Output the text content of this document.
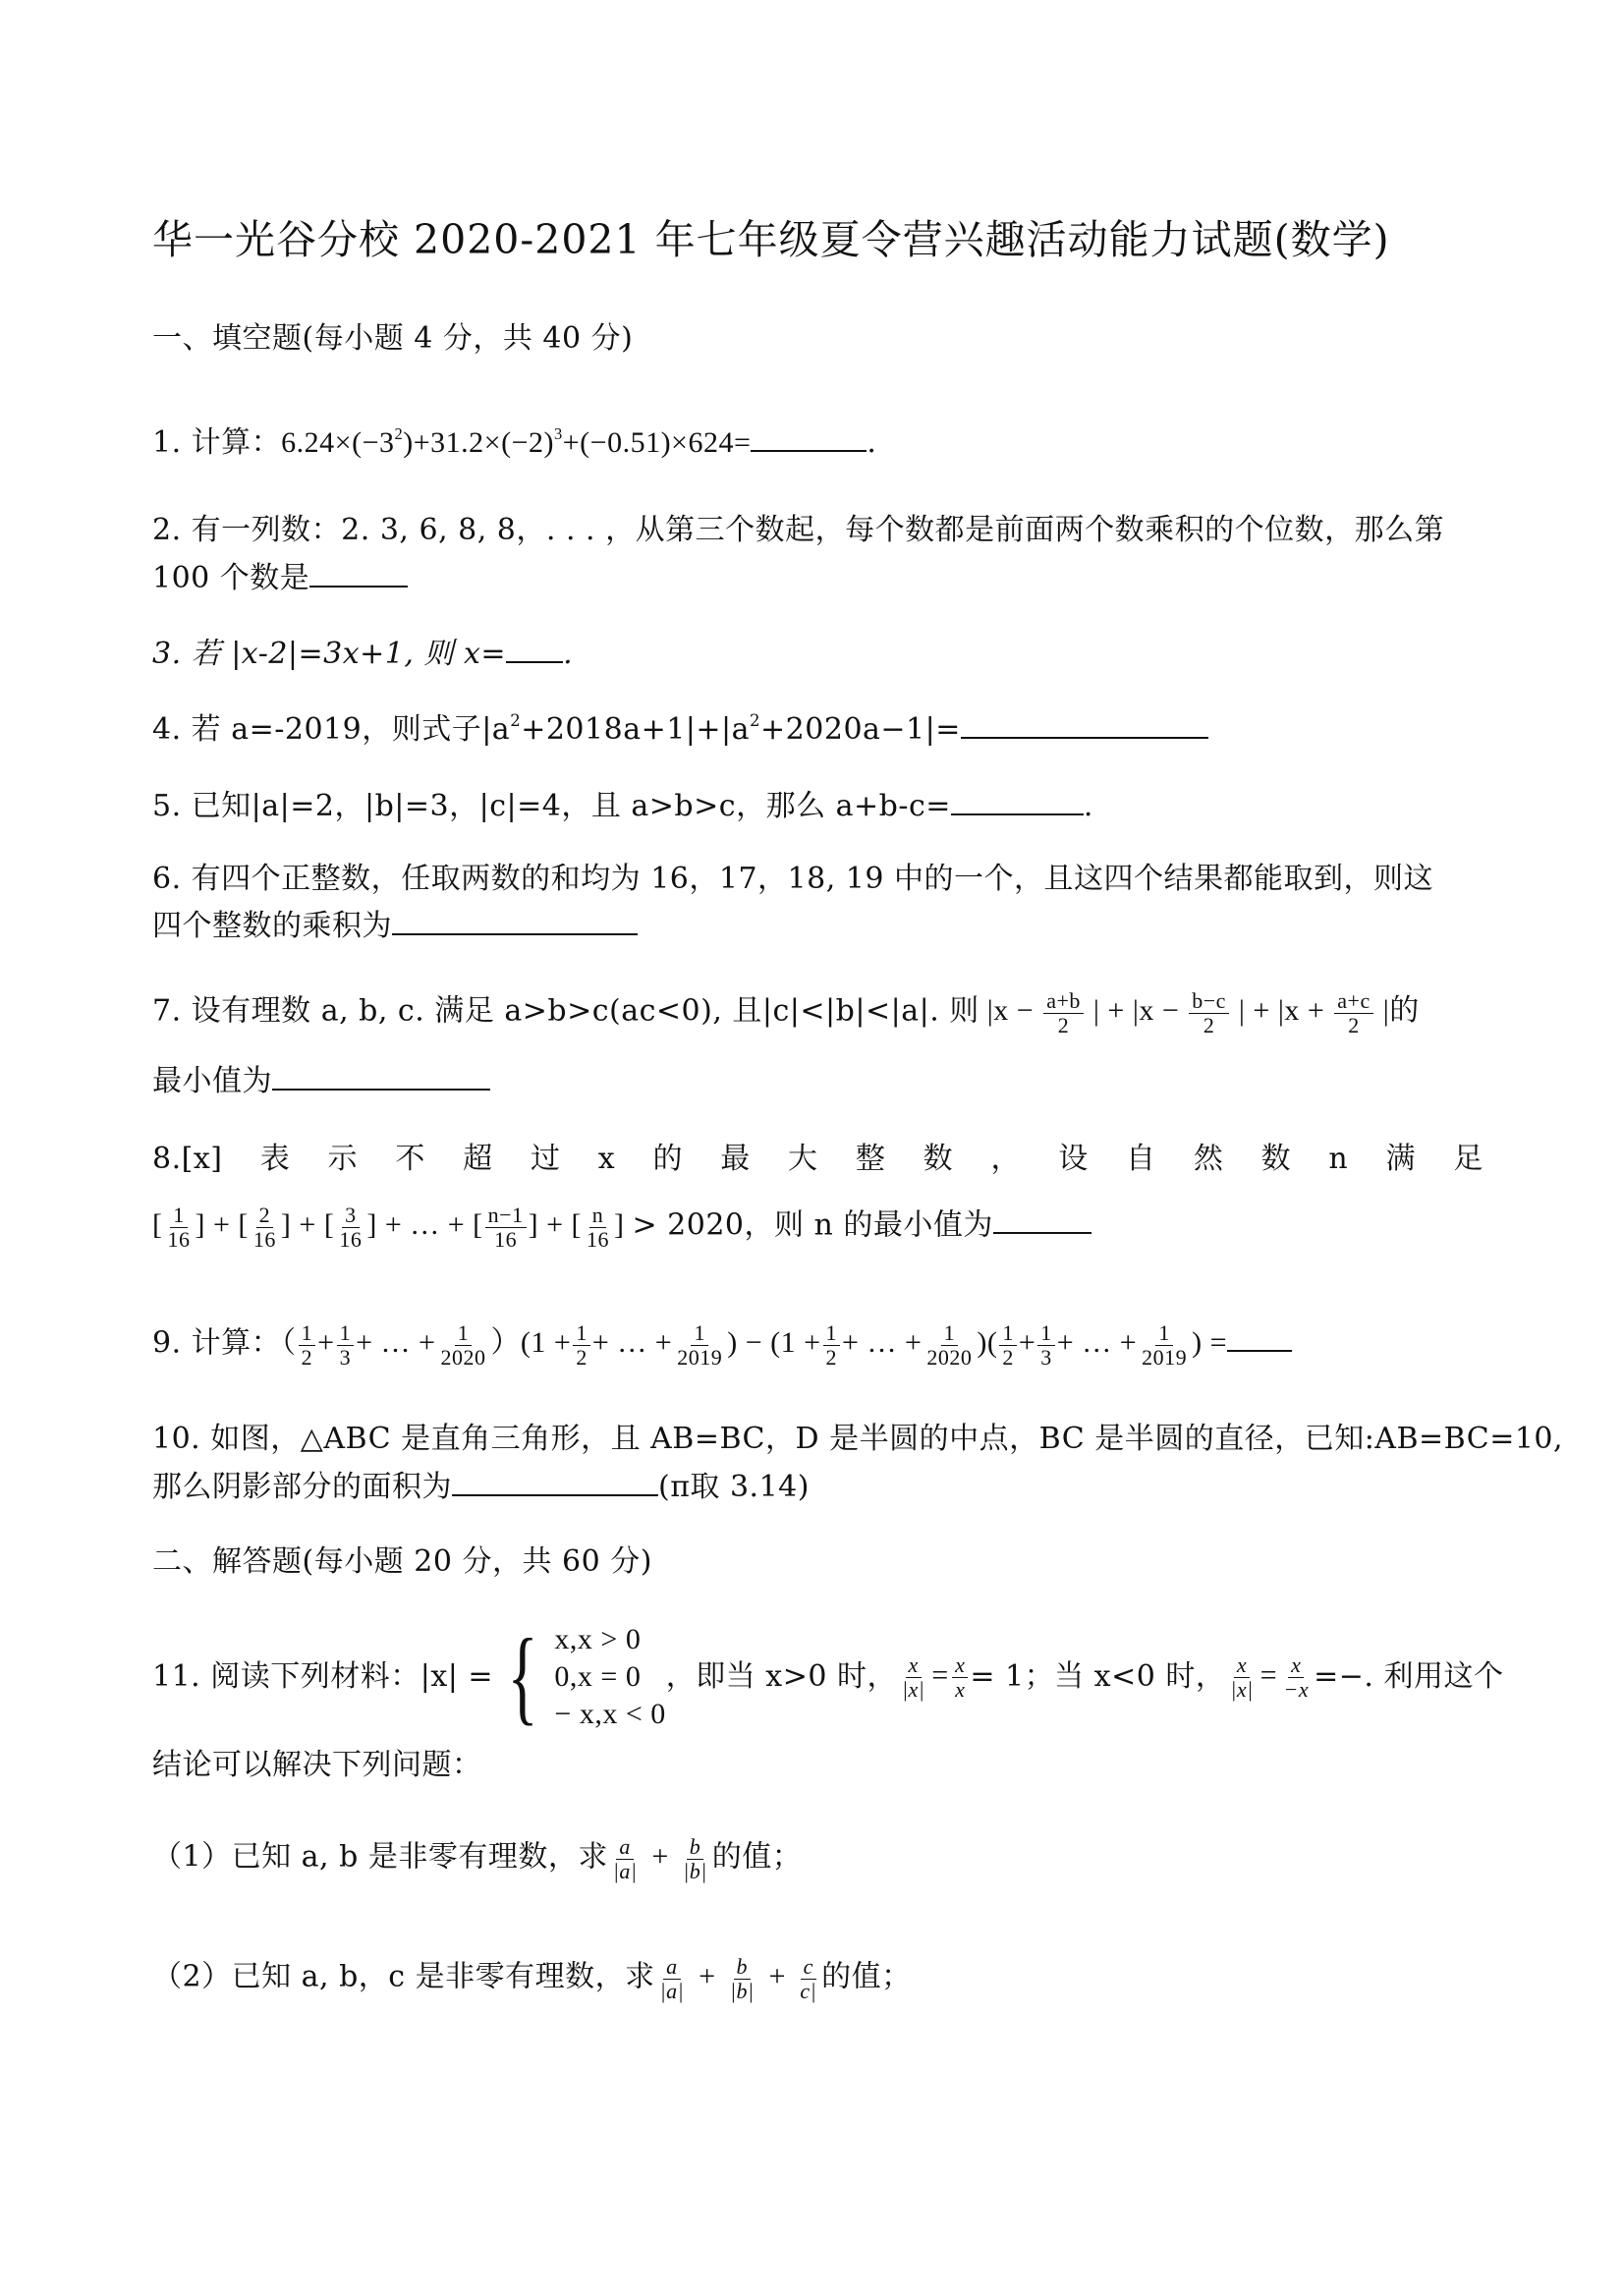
华一光谷分校 2020-2021 年七年级夏令营兴趣活动能力试题(数学)
一、填空题(每小题 4 分，共 40 分)
1. 计算：$6.24\times(-3^2)+31.2\times(-2)^3+(-0.51)\times 624=$	.
2. 有一列数：2. 3, 6, 8, 8，. . . ，从第三个数起，每个数都是前面两个数乘积的个位数，那么第
100 个数是
3. 若 |x-2|=3x+1, 则 x= .
4. 若 a=-2019，则式子$|a^2+2018a+1|+|a^2+2020a-1|=$
5. 已知|a|=2，|b|=3，|c|=4，且 a>b>c，那么 a+b-c=	.
6. 有四个正整数，任取两数的和均为 16，17，18, 19 中的一个，且这四个结果都能取到，则这
四个整数的乘积为
7. 设有理数 a, b, c. 满足 a>b>c(ac<0), 且|c|<|b|<|a|. 则 $|x - \frac{a+b}{2}$ | + $|x - \frac{b-c}{2}$ | + $|x + \frac{a+c}{2}$ |的
最小值为
8.[x] 表 示 不 超 过 x 的 最 大 整 数 ， 设 自 然 数 n 满 足
[ $\frac{1}{16}$ ] + [ $\frac{2}{16}$ ] + [ $\frac{3}{16}$ ] + … + [ $\frac{n-1}{16}$ ] + [ $\frac{n}{16}$ ] > 2020，则 n 的最小值为
9. 计算：（ $\frac{1}{2} + \frac{1}{3}$ + … + $\frac{1}{2020} )(1 + \frac{1}{2}$ + … + $\frac{1}{2019}$ ) − ($1 + \frac{1}{2}$ + … + $\frac{1}{2020}$ )( $\frac{1}{2} + \frac{1}{3}$ + … + $\frac{1}{2019}$ ) =
10. 如图，△ABC 是直角三角形，且 AB=BC，D 是半圆的中点，BC 是半圆的直径，已知:AB=BC=10,
那么阴影部分的面积为	(π取 3.14)
二、解答题(每小题 20 分，共 60 分)
11. 阅读下列材料：|x| = { x,x > 0
0,x = 0
− x,x < 0
，即当 x>0 时， $\frac{x}{|x|} = \frac{x}{x} = 1$；当 x<0 时， $\frac{x}{|x|} = \frac{x}{-x}$ =−. 利用这个
结论可以解决下列问题：
（1）已知 a, b 是非零有理数，求 $\frac{a}{|a|} + \frac{b}{|b|}$ 的值；
（2）已知 a, b，c 是非零有理数，求 $\frac{a}{|a|} + \frac{b}{|b|} + \frac{c}{c|}$ 的值；
